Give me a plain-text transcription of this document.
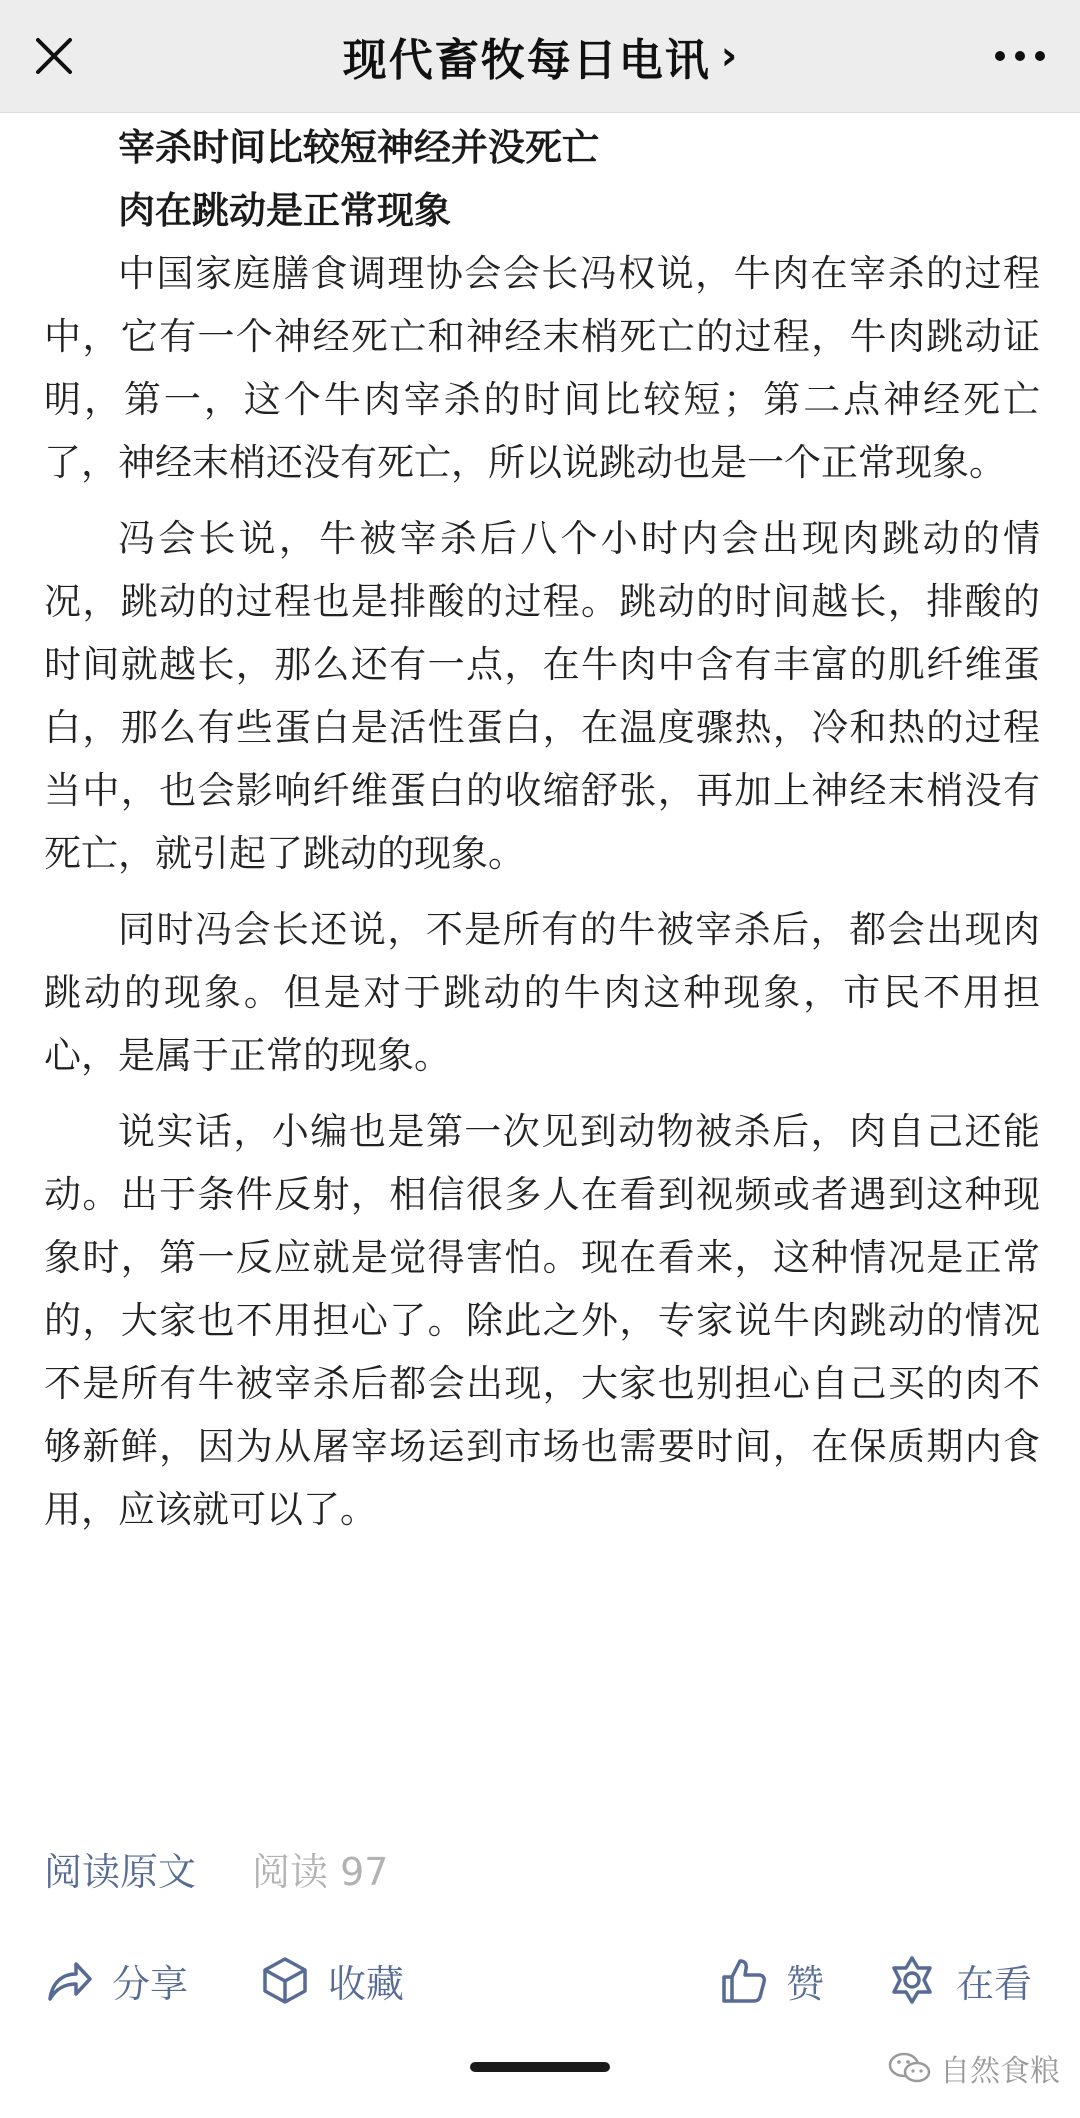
现代畜牧每日电讯 ›

宰杀时间比较短神经并没死亡

肉在跳动是正常现象

中国家庭膳食调理协会会长冯权说，牛肉在宰杀的过程中，它有一个神经死亡和神经末梢死亡的过程，牛肉跳动证明，第一，这个牛肉宰杀的时间比较短；第二点神经死亡了，神经末梢还没有死亡，所以说跳动也是一个正常现象。

冯会长说，牛被宰杀后八个小时内会出现肉跳动的情况，跳动的过程也是排酸的过程。跳动的时间越长，排酸的时间就越长，那么还有一点，在牛肉中含有丰富的肌纤维蛋白，那么有些蛋白是活性蛋白，在温度骤热，冷和热的过程当中，也会影响纤维蛋白的收缩舒张，再加上神经末梢没有死亡，就引起了跳动的现象。

同时冯会长还说，不是所有的牛被宰杀后，都会出现肉跳动的现象。但是对于跳动的牛肉这种现象，市民不用担心，是属于正常的现象。

说实话，小编也是第一次见到动物被杀后，肉自己还能动。出于条件反射，相信很多人在看到视频或者遇到这种现象时，第一反应就是觉得害怕。现在看来，这种情况是正常的，大家也不用担心了。除此之外，专家说牛肉跳动的情况不是所有牛被宰杀后都会出现，大家也别担心自己买的肉不够新鲜，因为从屠宰场运到市场也需要时间，在保质期内食用，应该就可以了。

阅读原文 阅读 97
分享	收藏	赞	在看
自然食粮
